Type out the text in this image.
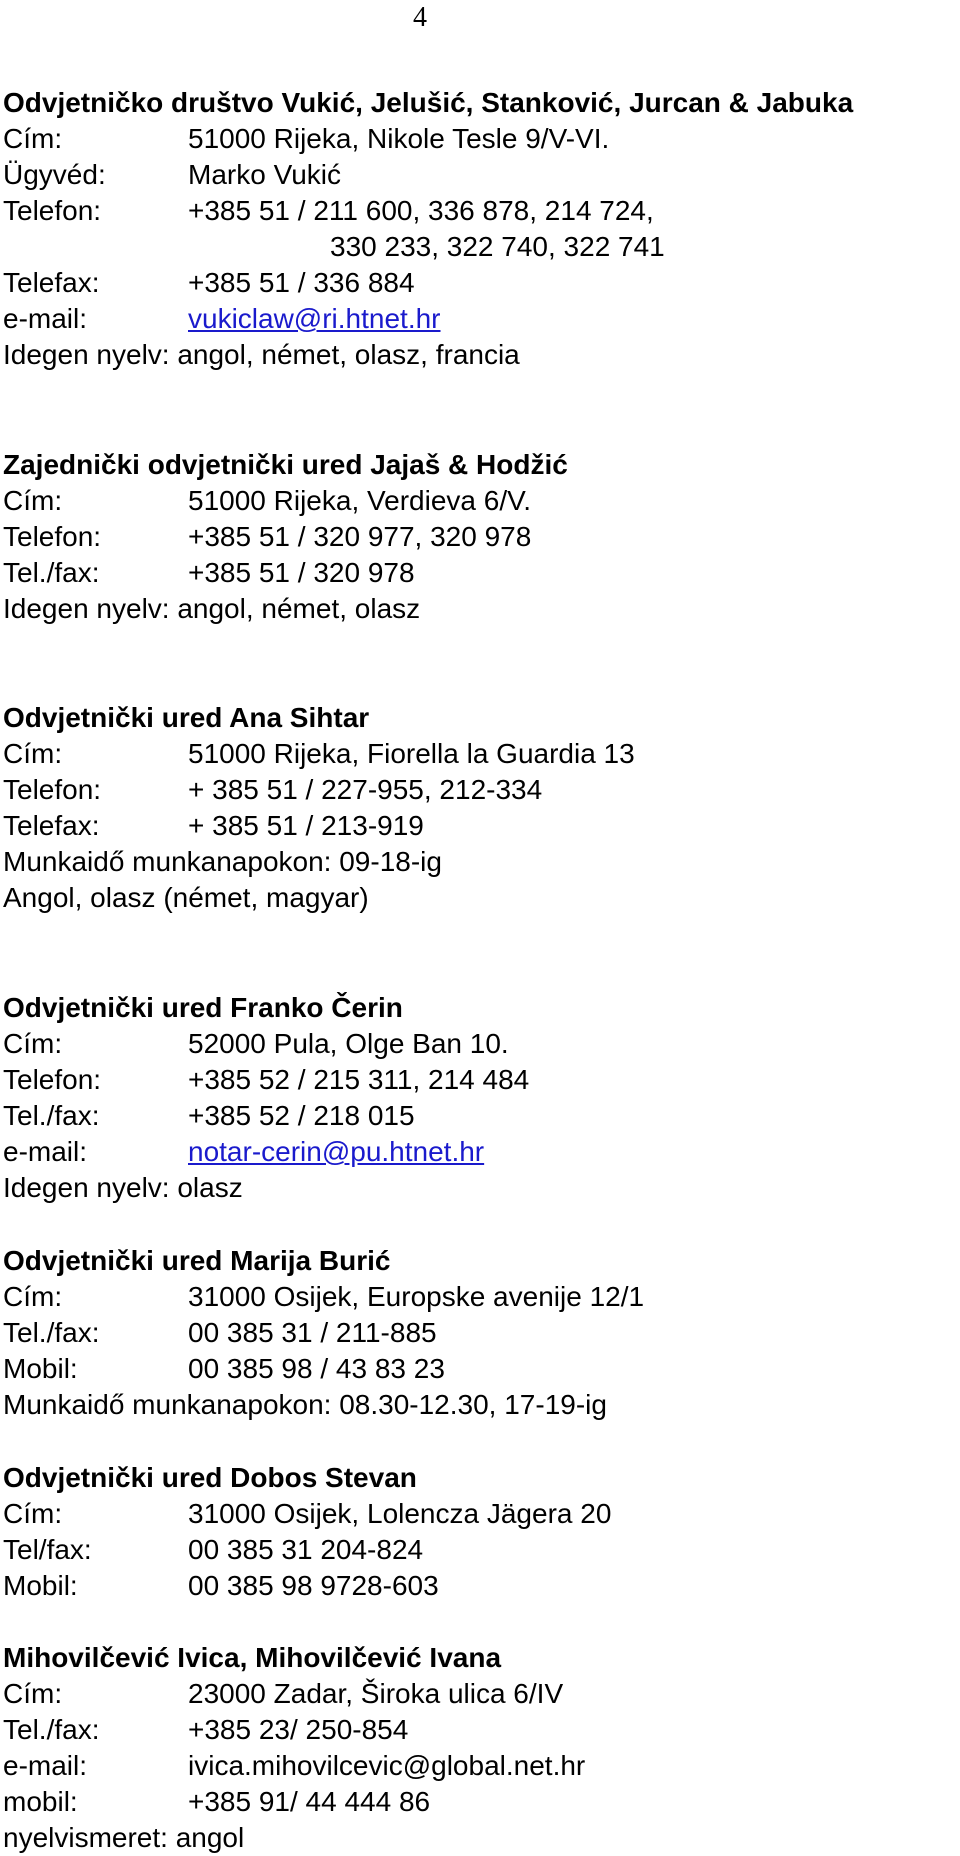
4
Odvjetničko društvo Vukić, Jelušić, Stanković, Jurcan & Jabuka
Cím:	51000 Rijeka, Nikole Tesle 9/V-VI.
Ügyvéd:	Marko Vukić
Telefon:	+385 51 / 211 600, 336 878, 214 724,
330 233, 322 740, 322 741
Telefax:	+385 51 / 336 884
e-mail:	vukiclaw@ri.htnet.hr
Idegen nyelv: angol, német, olasz, francia
Zajednički odvjetnički ured Jajaš & Hodžić
Cím:	51000 Rijeka, Verdieva 6/V.
Telefon:	+385 51 / 320 977, 320 978
Tel./fax:	+385 51 / 320 978
Idegen nyelv: angol, német, olasz
Odvjetnički ured Ana Sihtar
Cím:	51000 Rijeka, Fiorella la Guardia 13
Telefon:	+ 385 51 / 227-955, 212-334
Telefax:	+ 385 51 / 213-919
Munkaidő munkanapokon: 09-18-ig
Angol, olasz (német, magyar)
Odvjetnički ured Franko Čerin
Cím:	52000 Pula, Olge Ban 10.
Telefon:	+385 52 / 215 311, 214 484
Tel./fax:	+385 52 / 218 015
e-mail:	notar-cerin@pu.htnet.hr
Idegen nyelv: olasz
Odvjetnički ured Marija Burić
Cím:	31000 Osijek, Europske avenije 12/1
Tel./fax:	00 385 31 / 211-885
Mobil:	00 385 98 / 43 83 23
Munkaidő munkanapokon: 08.30-12.30, 17-19-ig
Odvjetnički ured Dobos Stevan
Cím:	31000 Osijek, Lolencza Jägera 20
Tel/fax:	00 385 31 204-824
Mobil:	00 385 98 9728-603
Mihovilčević Ivica, Mihovilčević Ivana
Cím:	23000 Zadar, Široka ulica 6/IV
Tel./fax:	+385 23/ 250-854
e-mail:	ivica.mihovilcevic@global.net.hr
mobil:	+385 91/ 44 444 86
nyelvismeret: angol
